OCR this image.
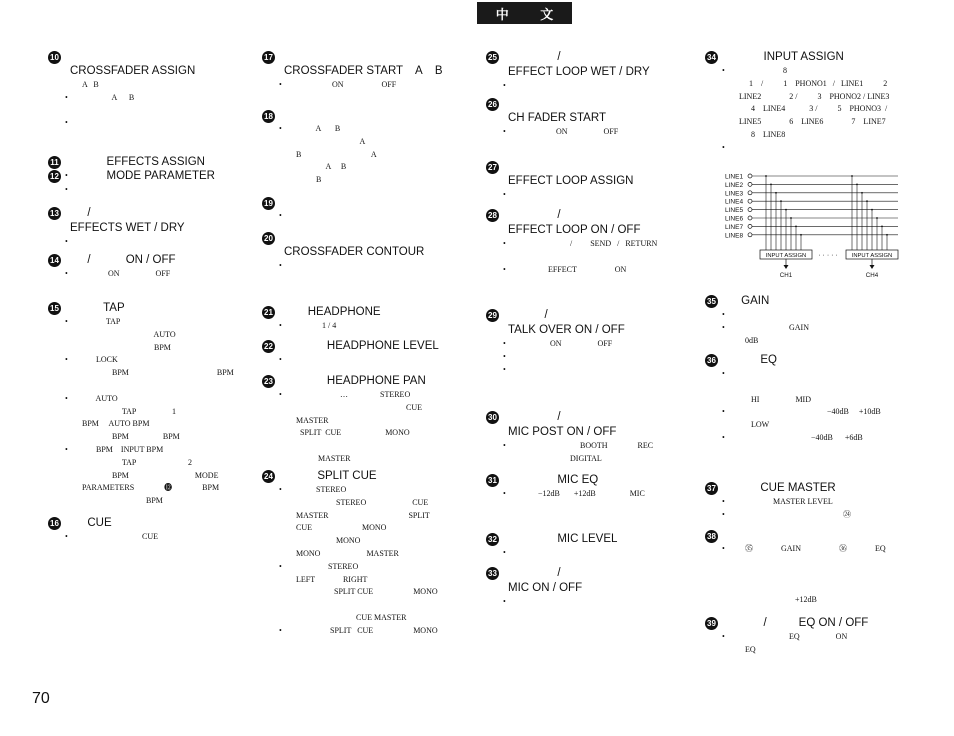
中 文
10
CROSSFADER ASSIGN
A   B
•                A      B

•
11 EFFECTS ASSIGN
•
12 MODE PARAMETER
•
13 /
EFFECTS WET / DRY
•
14 /           ON / OFF
•              ON                  OFF
15 TAP
•             TAP
AUTO
BPM
•        LOCK
BPM                                            BPM

•        AUTO
TAP                  1
BPM     AUTO BPM
BPM                 BPM
•        BPM    INPUT BPM
TAP                          2
BPM                                 MODE
PARAMETERS               ⓬               BPM
BPM
16 CUE
•                               CUE
17
CROSSFADER START    A    B
•                   ON                   OFF
18
•           A       B
A
B                                   A
A     B
B
19
•
20
CROSSFADER CONTOUR
•
21 HEADPHONE
•              1 / 4
22 HEADPHONE LEVEL
•
23 HEADPHONE PAN
•                       …                STEREO
CUE
MASTER
SPLIT  CUE                      MONO

MASTER
24 SPLIT CUE
•           STEREO
STEREO                       CUE
MASTER                                        SPLIT
CUE                         MONO
MONO
MONO                       MASTER
•                 STEREO
LEFT              RIGHT
SPLIT CUE                    MONO

CUE MASTER
•                  SPLIT   CUE                    MONO
25 /
EFFECT LOOP WET / DRY
•
26
CH FADER START
•                   ON                  OFF
27
EFFECT LOOP ASSIGN
•
28 /
EFFECT LOOP ON / OFF
•                          /         SEND   /   RETURN

•               EFFECT                   ON
29 /
TALK OVER ON / OFF
•                ON                  OFF
•
•
30 /
MIC POST ON / OFF
•                               BOOTH               REC
DIGITAL
31 MIC EQ
•          −12dB       +12dB                 MIC
32 MIC LEVEL
•
33 /
MIC ON / OFF
•
34 INPUT ASSIGN
•                       8
1    /          1    PHONO1   /   LINE1          2
LINE2              2 /          3    PHONO2 / LINE3
4    LINE4            3 /          5    PHONO3  /
LINE5              6    LINE6              7    LINE7
8    LINE8
•
35 GAIN
•
•                          GAIN
0dB
36 EQ
•

HI                  MID
•                                             −40dB     +10dB
LOW
•                                     −40dB      +6dB
37 CUE MASTER
•                  MASTER LEVEL
•                                                     ㉔
38
•    ㉟              GAIN                   ㊱              EQ

+12dB
39 /          EQ ON / OFF
•                          EQ                  ON
EQ
LINE1
LINE2
LINE3
LINE4
LINE5
LINE6
LINE7
LINE8
INPUT ASSIGN
CH1
INPUT ASSIGN
CH4
· · · · ·
70
